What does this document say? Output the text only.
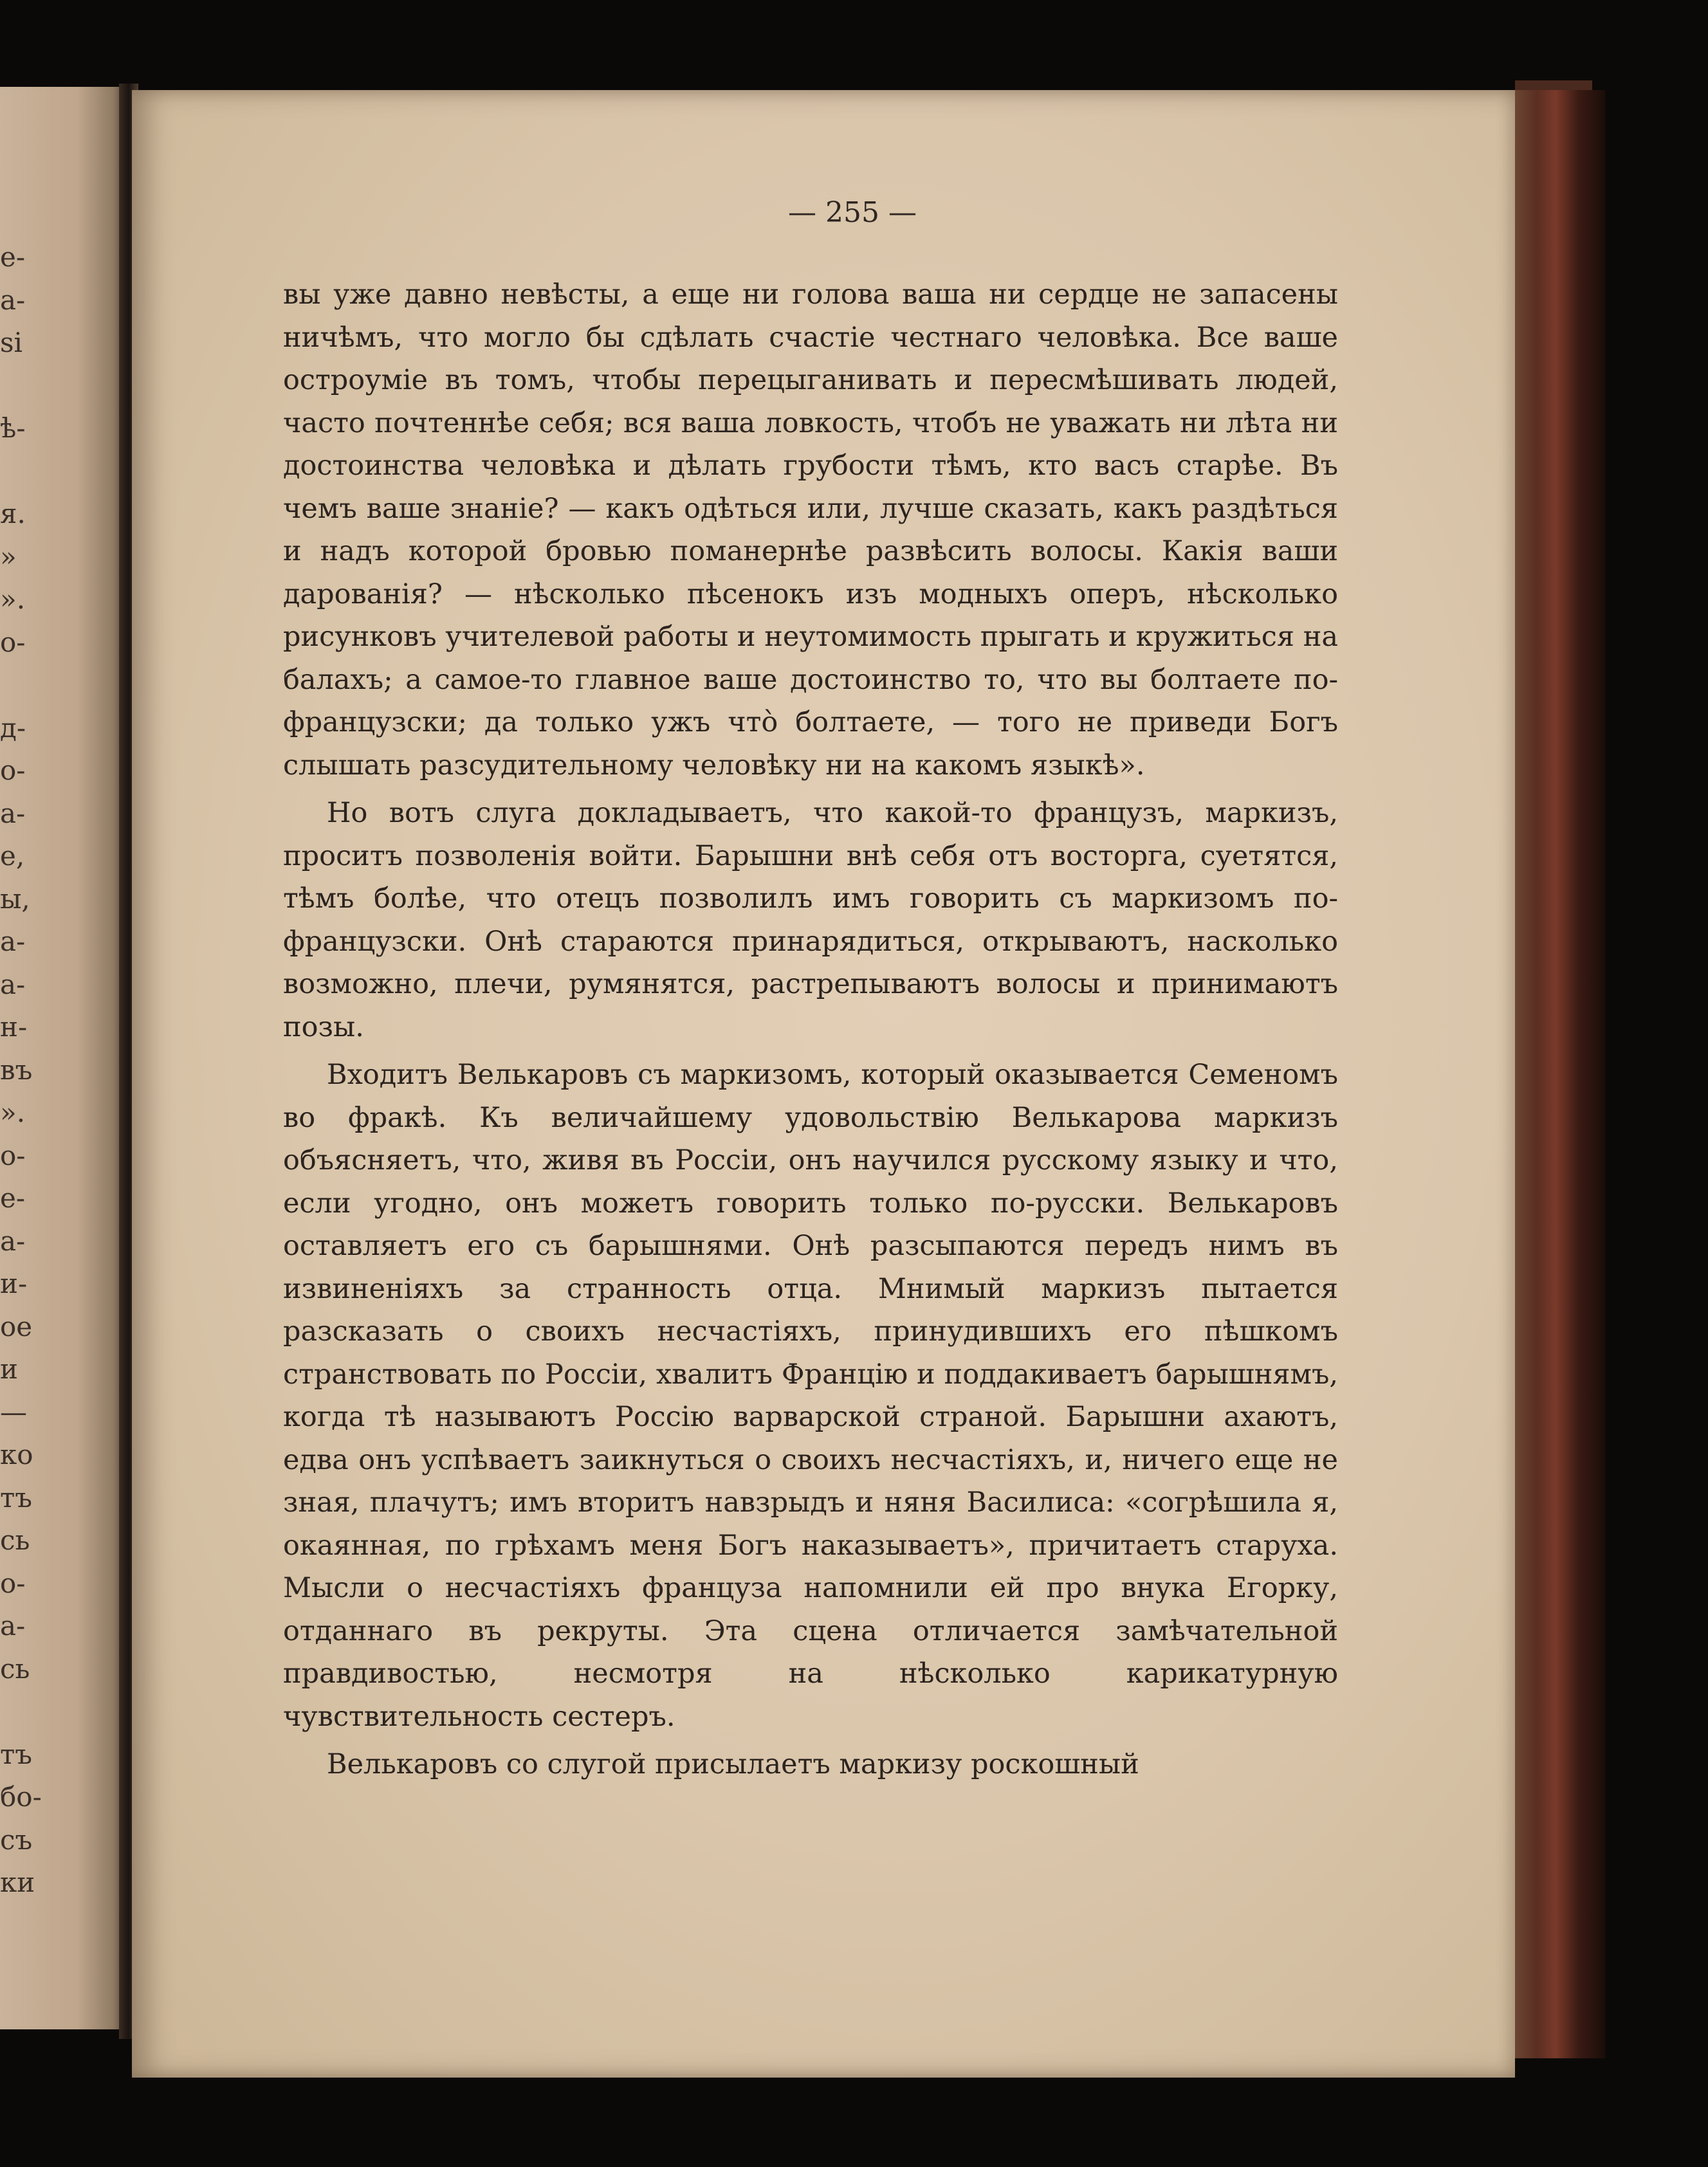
e-
a-
si
ѣ-
я.
»
».
o-
д-
o-
a-
e,
ы,
a-
a-
н-
въ
».
o-
e-
a-
и-
ое
и
—
ко
тъ
сь
о-
а-
сь
тъ
бо-
съ
ки
— 255 —

вы уже давно невѣсты, а еще ни голова ваша ни сердце не запасены ничѣмъ, что могло бы сдѣлать счастіе честнаго человѣка. Все ваше остроуміе въ томъ, чтобы перецыганивать и пересмѣшивать людей, часто почтеннѣе себя; вся ваша ловкость, чтобъ не уважать ни лѣта ни достоинства человѣка и дѣлать грубости тѣмъ, кто васъ старѣе. Въ чемъ ваше знаніе? — какъ одѣться или, лучше сказать, какъ раздѣться и надъ которой бровью поманернѣе развѣсить волосы. Какія ваши дарованія? — нѣсколько пѣсенокъ изъ модныхъ оперъ, нѣсколько рисунковъ учителевой работы и неутомимость прыгать и кружиться на балахъ; а самое-то главное ваше достоинство то, что вы болтаете по-французски; да только ужъ что̀ болтаете, — того не приведи Богъ слышать разсудительному человѣку ни на какомъ языкѣ».

Но вотъ слуга докладываетъ, что какой-то французъ, маркизъ, проситъ позволенія войти. Барышни внѣ себя отъ восторга, суетятся, тѣмъ болѣе, что отецъ позволилъ имъ говорить съ маркизомъ по-французски. Онѣ стараются принарядиться, открываютъ, насколько возможно, плечи, румянятся, растрепываютъ волосы и принимаютъ позы.

Входитъ Велькаровъ съ маркизомъ, который оказывается Семеномъ во фракѣ. Къ величайшему удовольствію Велькарова маркизъ объясняетъ, что, живя въ Россіи, онъ научился русскому языку и что, если угодно, онъ можетъ говорить только по-русски. Велькаровъ оставляетъ его съ барышнями. Онѣ разсыпаются передъ нимъ въ извиненіяхъ за странность отца. Мнимый маркизъ пытается разсказать о своихъ несчастіяхъ, принудившихъ его пѣшкомъ странствовать по Россіи, хвалитъ Францію и поддакиваетъ барышнямъ, когда тѣ называютъ Россію варварской страной. Барышни ахаютъ, едва онъ успѣваетъ заикнуться о своихъ несчастіяхъ, и, ничего еще не зная, плачутъ; имъ вторитъ навзрыдъ и няня Василиса: «согрѣшила я, окаянная, по грѣхамъ меня Богъ наказываетъ», причитаетъ старуха. Мысли о несчастіяхъ француза напомнили ей про внука Егорку, отданнаго въ рекруты. Эта сцена отличается замѣчательной правдивостью, несмотря на нѣсколько карикатурную чувствительность сестеръ.

Велькаровъ со слугой присылаетъ маркизу роскошный
